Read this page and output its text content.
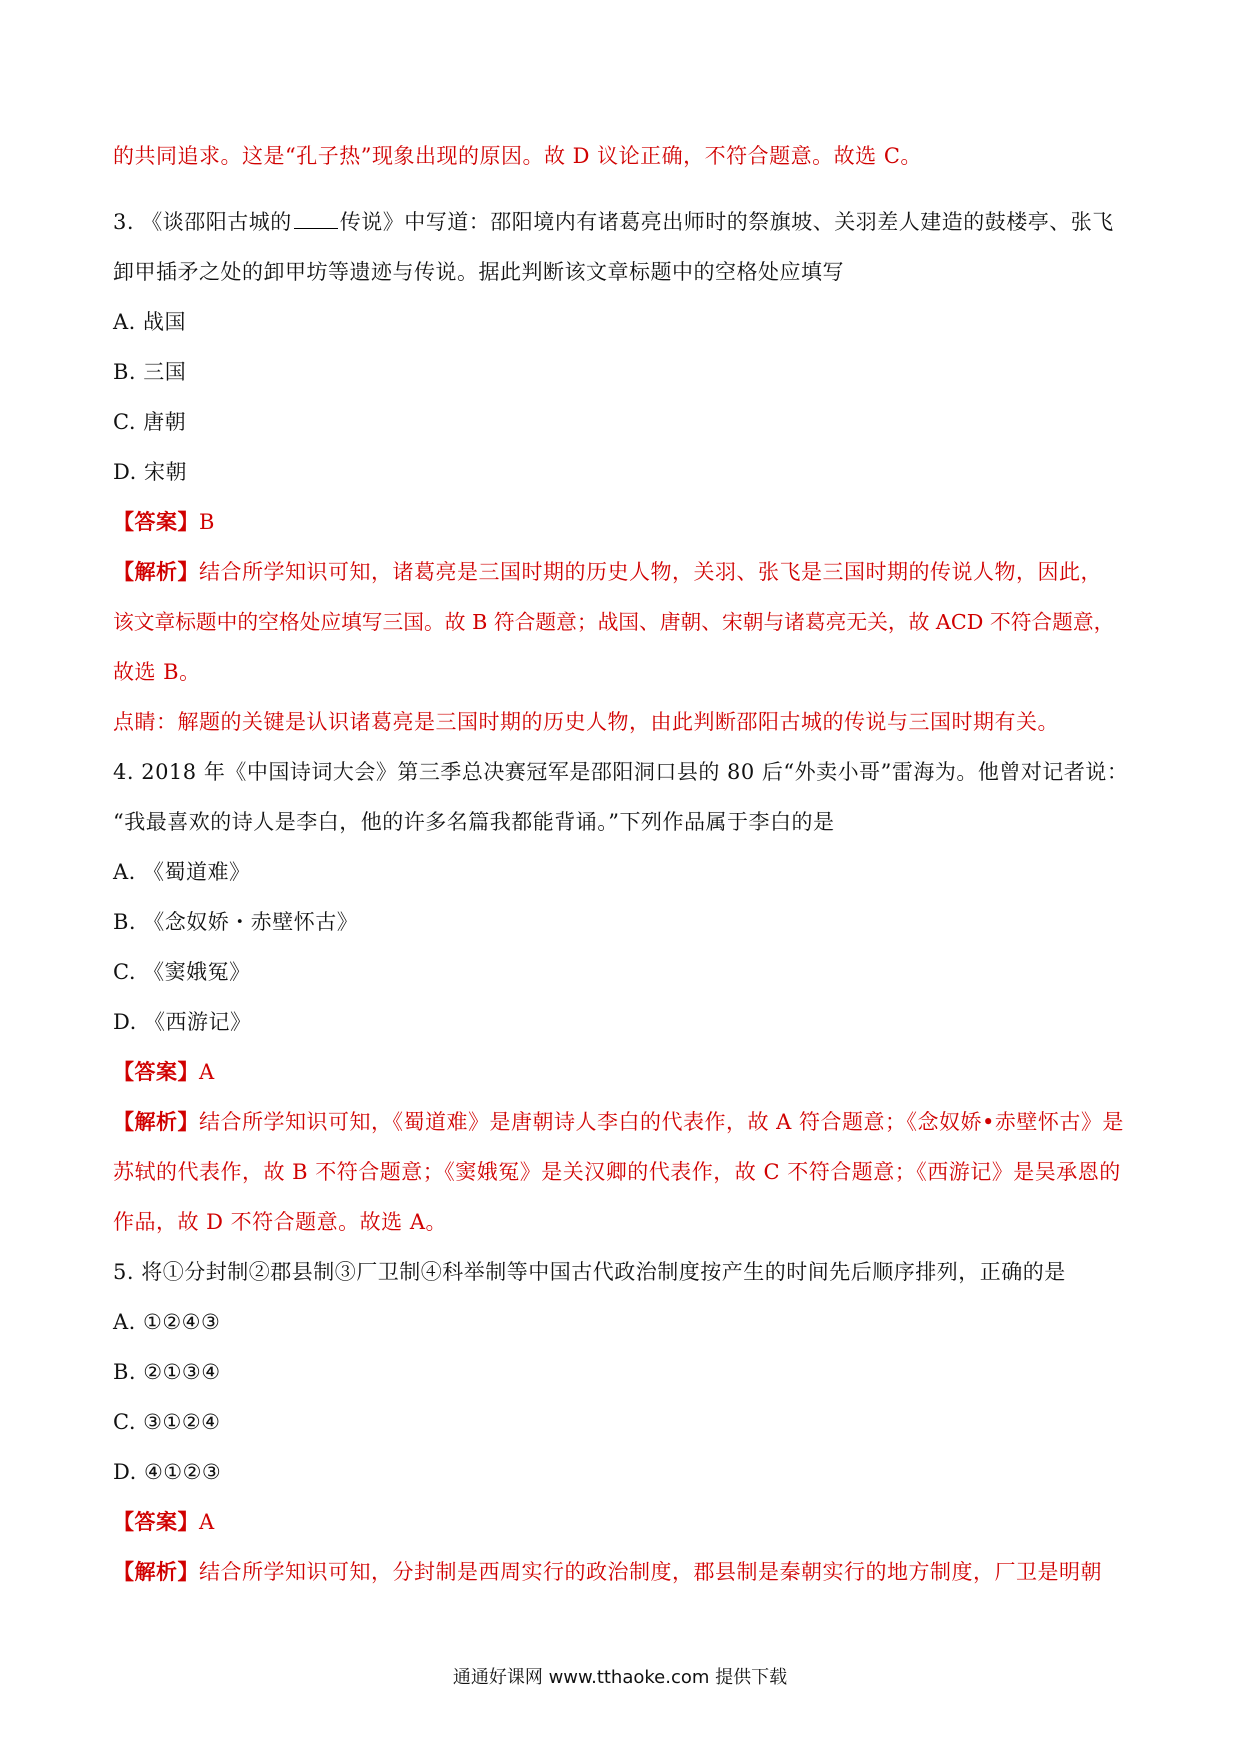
的共同追求。这是“孔子热”现象出现的原因。故 D 议论正确，不符合题意。故选 C。
3. 《谈邵阳古城的 传说》中写道：邵阳境内有诸葛亮出师时的祭旗坡、关羽差人建造的鼓楼亭、张飞
卸甲插矛之处的卸甲坊等遗迹与传说。据此判断该文章标题中的空格处应填写
A. 战国
B. 三国
C. 唐朝
D. 宋朝
【答案】B
【解析】结合所学知识可知，诸葛亮是三国时期的历史人物，关羽、张飞是三国时期的传说人物，因此，
该文章标题中的空格处应填写三国。故 B 符合题意；战国、唐朝、宋朝与诸葛亮无关，故 ACD 不符合题意，
故选 B。
点睛：解题的关键是认识诸葛亮是三国时期的历史人物，由此判断邵阳古城的传说与三国时期有关。
4. 2018 年《中国诗词大会》第三季总决赛冠军是邵阳洞口县的 80 后“外卖小哥”雷海为。他曾对记者说：
“我最喜欢的诗人是李白，他的许多名篇我都能背诵。”下列作品属于李白的是
A. 《蜀道难》
B. 《念奴娇・赤壁怀古》
C. 《窦娥冤》
D. 《西游记》
【答案】A
【解析】结合所学知识可知，《蜀道难》是唐朝诗人李白的代表作，故 A 符合题意；《念奴娇•赤壁怀古》是
苏轼的代表作，故 B 不符合题意；《窦娥冤》是关汉卿的代表作，故 C 不符合题意；《西游记》是吴承恩的
作品，故 D 不符合题意。故选 A。
5. 将①分封制②郡县制③厂卫制④科举制等中国古代政治制度按产生的时间先后顺序排列，正确的是
A. ①②④③
B. ②①③④
C. ③①②④
D. ④①②③
【答案】A
【解析】结合所学知识可知，分封制是西周实行的政治制度，郡县制是秦朝实行的地方制度，厂卫是明朝
通通好课网 www.tthaoke.com 提供下载
